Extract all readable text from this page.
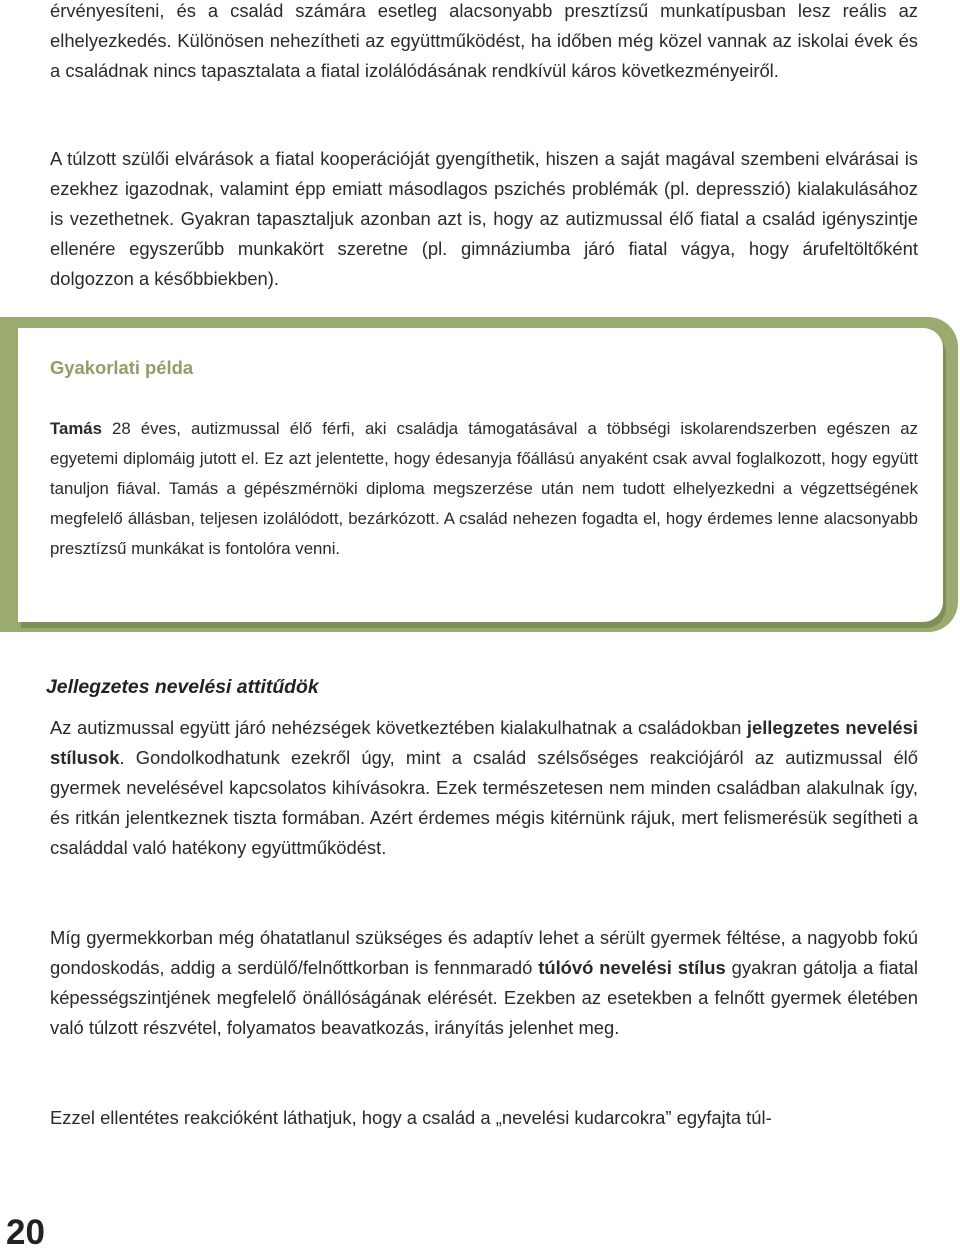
érvényesíteni, és a család számára esetleg alacsonyabb presztízsű munkatípusban lesz reális az elhelyezkedés. Különösen nehezítheti az együttműködést, ha időben még közel vannak az iskolai évek és a családnak nincs tapasztalata a fiatal izolálódásának rendkívül káros következményeiről.

A túlzott szülői elvárások a fiatal kooperációját gyengíthetik, hiszen a saját magával szembeni elvárásai is ezekhez igazodnak, valamint épp emiatt másodlagos pszichés problémák (pl. depresszió) kialakulásához is vezethetnek. Gyakran tapasztaljuk azonban azt is, hogy az autizmussal élő fiatal a család igényszintje ellenére egyszerűbb munkakört szeretne (pl. gimnáziumba járó fiatal vágya, hogy árufeltöltőként dolgozzon a későbbiekben).

Gyakorlati példa

Tamás 28 éves, autizmussal élő férfi, aki családja támogatásával a többségi iskolarendszerben egészen az egyetemi diplomáig jutott el. Ez azt jelentette, hogy édesanyja főállású anyaként csak avval foglalkozott, hogy együtt tanuljon fiával. Tamás a gépészmérnöki diploma megszerzése után nem tudott elhelyezkedni a végzettségének megfelelő állásban, teljesen izolálódott, bezárkózott. A család nehezen fogadta el, hogy érdemes lenne alacsonyabb presztízsű munkákat is fontolóra venni.

Jellegzetes nevelési attitűdök

Az autizmussal együtt járó nehézségek következtében kialakulhatnak a családokban jellegzetes nevelési stílusok. Gondolkodhatunk ezekről úgy, mint a család szélsőséges reakciójáról az autizmussal élő gyermek nevelésével kapcsolatos kihívásokra. Ezek természetesen nem minden családban alakulnak így, és ritkán jelentkeznek tiszta formában. Azért érdemes mégis kitérnünk rájuk, mert felismerésük segítheti a családdal való hatékony együttműködést.

Míg gyermekkorban még óhatatlanul szükséges és adaptív lehet a sérült gyermek féltése, a nagyobb fokú gondoskodás, addig a serdülő/felnőttkorban is fennmaradó túlóvó nevelési stílus gyakran gátolja a fiatal képességszintjének megfelelő önállóságának elérését. Ezekben az esetekben a felnőtt gyermek életében való túlzott részvétel, folyamatos beavatkozás, irányítás jelenhet meg.

Ezzel ellentétes reakcióként láthatjuk, hogy a család a „nevelési kudarcokra” egyfajta túl-

20
